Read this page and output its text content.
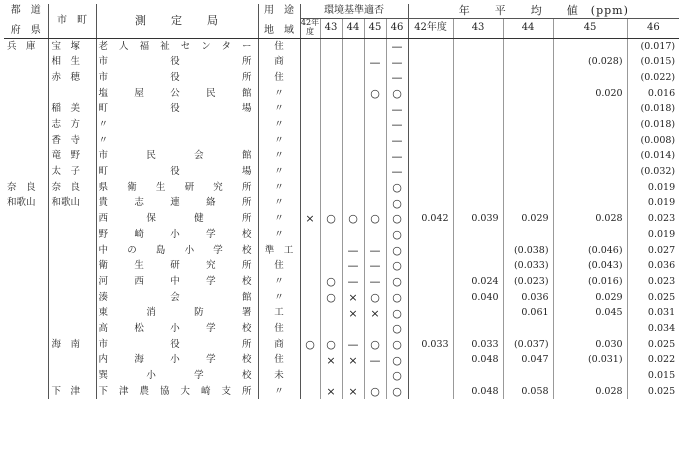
都　道

府　県	市　町	測　　定　　局	用　途

地　域	環境基準適否					年　　平　　均　　値　(ppm)				
				42年度	43	44	45	46	42年度	43	44	45	46
兵　庫	宝　塚	老人福祉センター	住					—					(0.017)
	相　生	市　　役　　所	商				—	—				(0.028)	(0.015)
	赤　穂	市　　役　　所	住					—					(0.022)
		塩　屋　公　民　館	〃				○	○				0.020	0.016
	稲　美	町　　役　　場	〃					—					(0.018)
	志　方	〃	〃					—					(0.018)
	香　寺	〃	〃					—					(0.008)
	竜　野	市　民　会　館	〃					—					(0.014)
	太　子	町　　役　　場	〃					—					(0.032)
奈　良	奈　良	県　衛　生　研　究　所	〃					○					0.019
和歌山	和歌山	貴　志　連　絡　所	〃					○					0.019
		西　　保　　健　　所	〃	×	○	○	○	○	0.042	0.039	0.029	0.028	0.023
		野　崎　小　学　校	〃					○					0.019
		中　の　島　小　学　校	準　工			—	—	○			(0.038)	(0.046)	0.027
		衛　生　研　究　所	住			—	—	○			(0.033)	(0.043)	0.036
		河　西　中　学　校	〃		○	—	—	○		0.024	(0.023)	(0.016)	0.023
		湊　　　会　　　館	〃		○	×	○	○		0.040	0.036	0.029	0.025
		東　消　防　署	工			×	×	○			0.061	0.045	0.031
		高　松　小　学　校	住					○					0.034
	海　南	市　　役　　所	商	○	○	—	○	○	0.033	0.033	(0.037)	0.030	0.025
		内　海　小　学　校	住		×	×	—	○		0.048	0.047	(0.031)	0.022
		巽　　小　　学　　校	未					○					0.015
	下　津	下津農協大崎支所	〃		×	×	○	○		0.048	0.058	0.028	0.025
